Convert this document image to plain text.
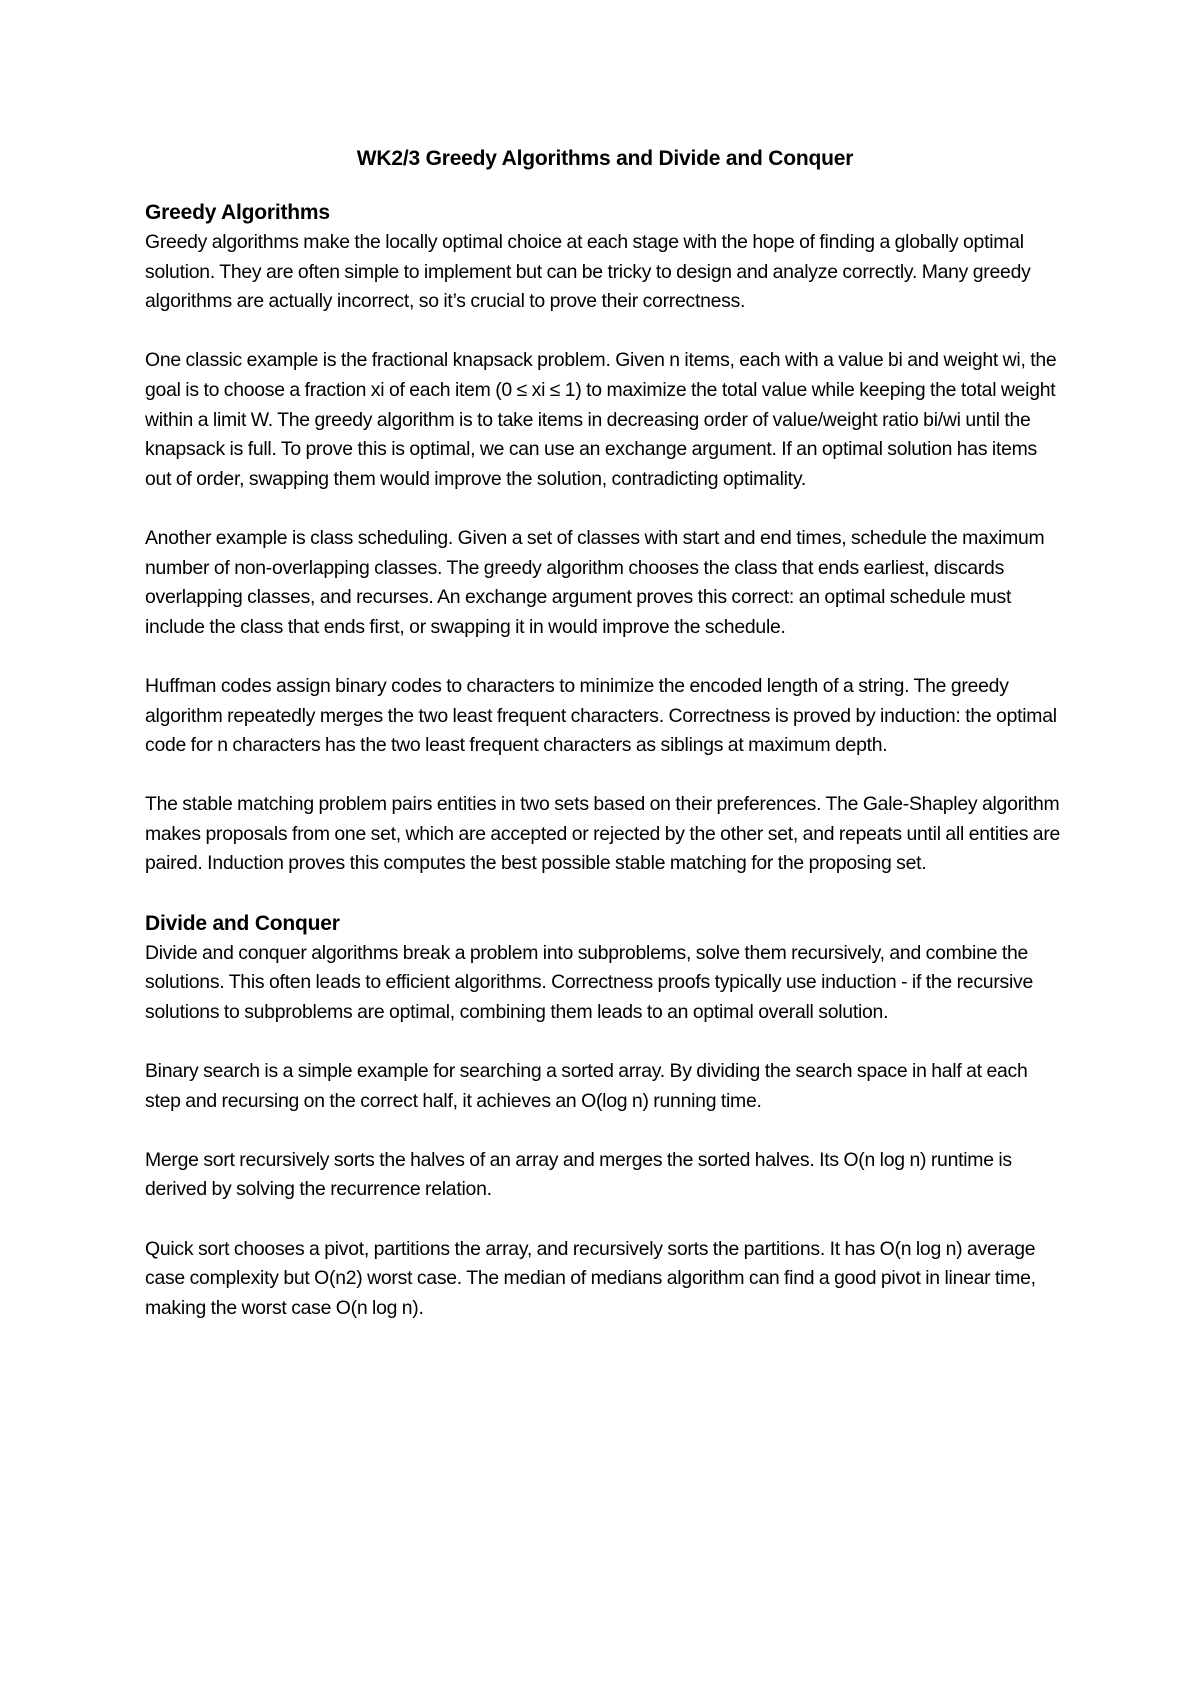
WK2/3 Greedy Algorithms and Divide and Conquer
Greedy Algorithms

Greedy algorithms make the locally optimal choice at each stage with the hope of finding a globally optimal solution. They are often simple to implement but can be tricky to design and analyze correctly. Many greedy algorithms are actually incorrect, so it’s crucial to prove their correctness.

One classic example is the fractional knapsack problem. Given n items, each with a value bi and weight wi, the goal is to choose a fraction xi of each item (0 ≤ xi ≤ 1) to maximize the total value while keeping the total weight within a limit W. The greedy algorithm is to take items in decreasing order of value/weight ratio bi/wi until the knapsack is full. To prove this is optimal, we can use an exchange argument. If an optimal solution has items out of order, swapping them would improve the solution, contradicting optimality.

Another example is class scheduling. Given a set of classes with start and end times, schedule the maximum number of non-overlapping classes. The greedy algorithm chooses the class that ends earliest, discards overlapping classes, and recurses. An exchange argument proves this correct: an optimal schedule must include the class that ends first, or swapping it in would improve the schedule.

Huffman codes assign binary codes to characters to minimize the encoded length of a string. The greedy algorithm repeatedly merges the two least frequent characters. Correctness is proved by induction: the optimal code for n characters has the two least frequent characters as siblings at maximum depth.

The stable matching problem pairs entities in two sets based on their preferences. The Gale-Shapley algorithm makes proposals from one set, which are accepted or rejected by the other set, and repeats until all entities are paired. Induction proves this computes the best possible stable matching for the proposing set.

Divide and Conquer

Divide and conquer algorithms break a problem into subproblems, solve them recursively, and combine the solutions. This often leads to efficient algorithms. Correctness proofs typically use induction - if the recursive solutions to subproblems are optimal, combining them leads to an optimal overall solution.

Binary search is a simple example for searching a sorted array. By dividing the search space in half at each step and recursing on the correct half, it achieves an O(log n) running time.

Merge sort recursively sorts the halves of an array and merges the sorted halves. Its O(n log n) runtime is derived by solving the recurrence relation.

Quick sort chooses a pivot, partitions the array, and recursively sorts the partitions. It has O(n log n) average case complexity but O(n2) worst case. The median of medians algorithm can find a good pivot in linear time, making the worst case O(n log n).
